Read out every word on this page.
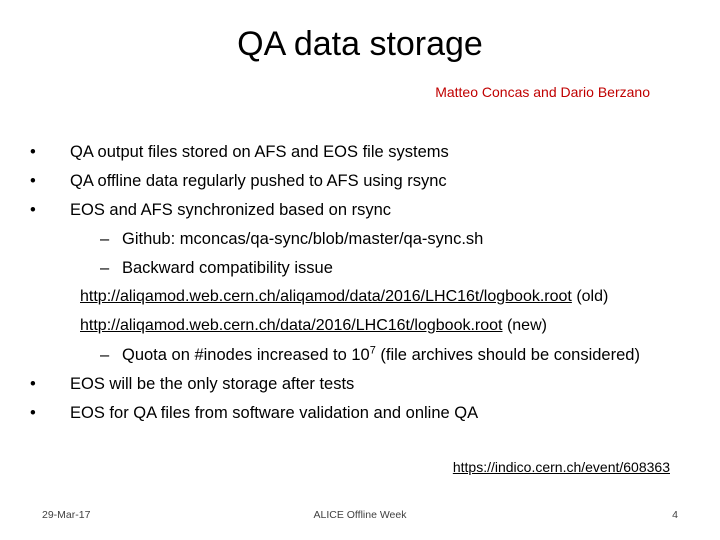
QA data storage
Matteo Concas and Dario Berzano
•	QA output files stored on AFS and EOS file systems
•	QA offline data regularly pushed to AFS using rsync
•	EOS and AFS synchronized based on rsync
– Github: mconcas/qa-sync/blob/master/qa-sync.sh
– Backward compatibility issue
http://aliqamod.web.cern.ch/aliqamod/data/2016/LHC16t/logbook.root (old)
http://aliqamod.web.cern.ch/data/2016/LHC16t/logbook.root (new)
– Quota on #inodes increased to $10^7$ (file archives should be considered)
•	EOS will be the only storage after tests
•	EOS for QA files from software validation and online QA
https://indico.cern.ch/event/608363
29-Mar-17	ALICE Offline Week	4
